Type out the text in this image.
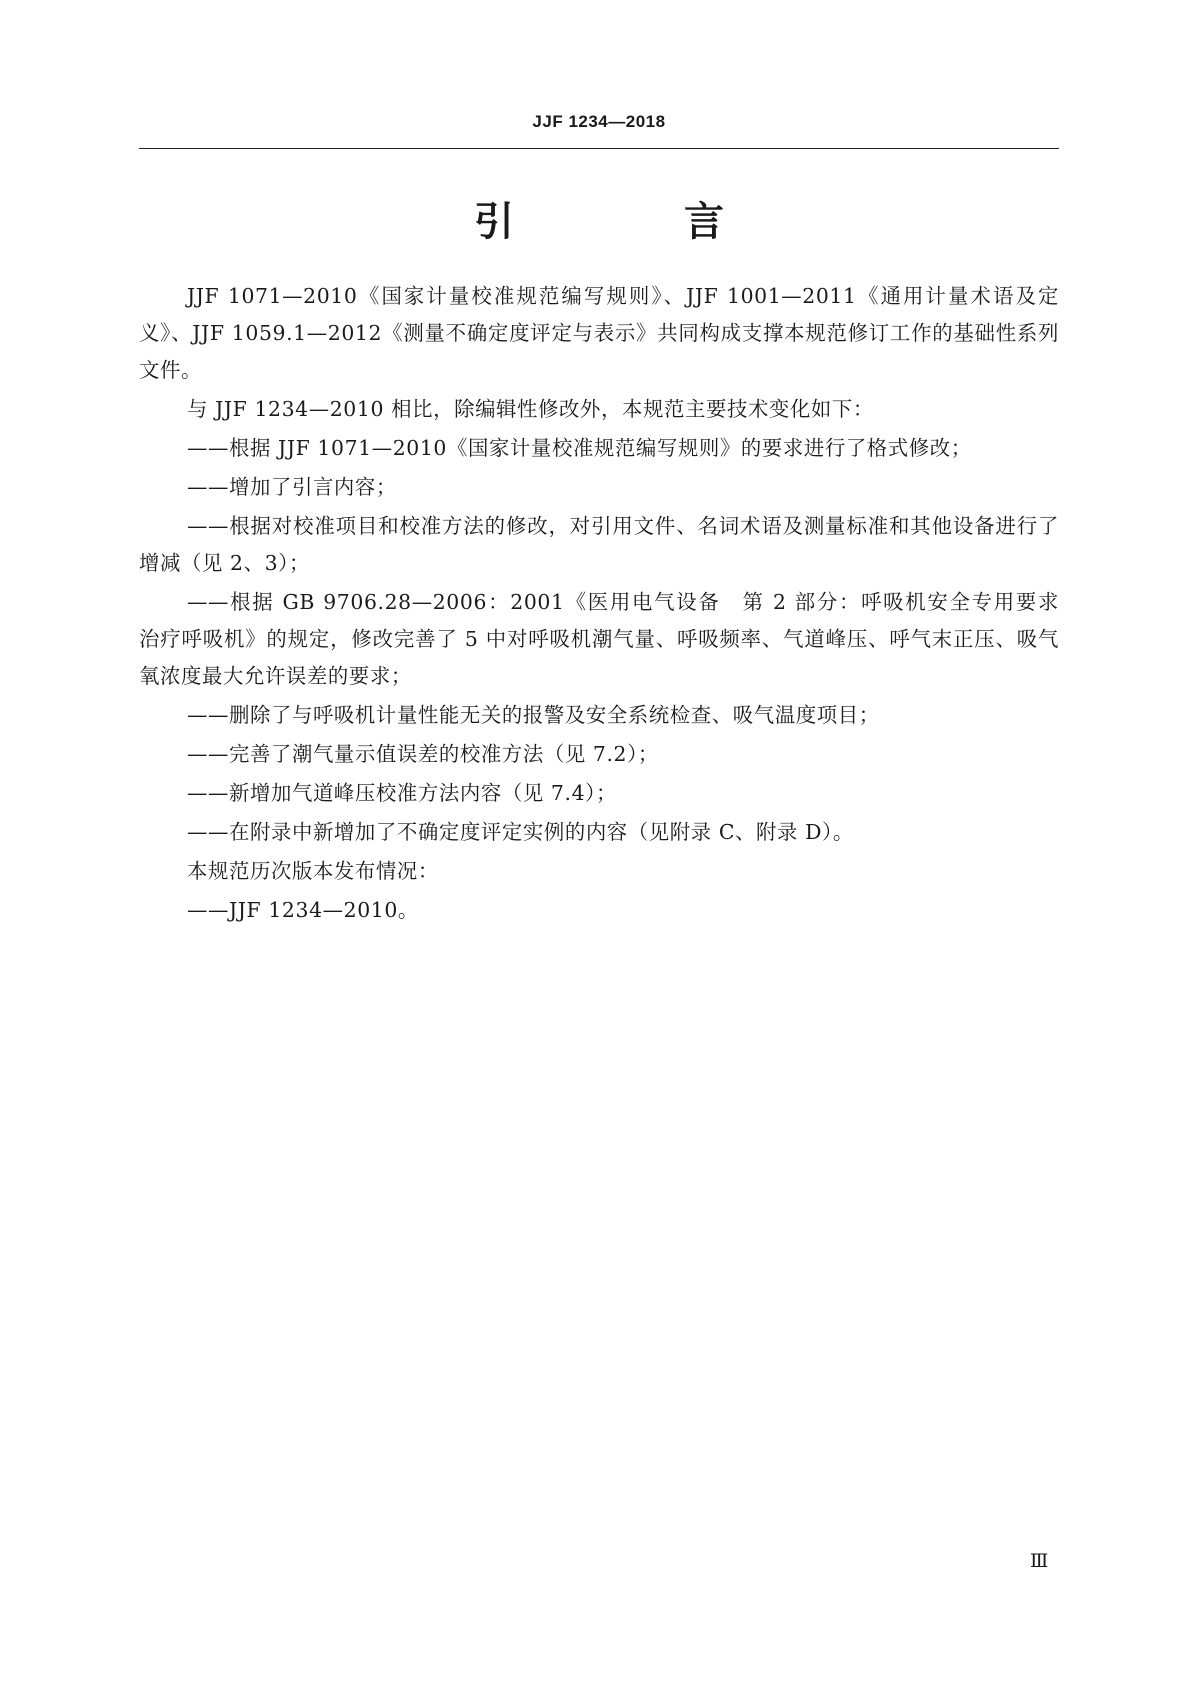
JJF 1234—2018
引 言

JJF 1071—2010《国家计量校准规范编写规则》、JJF 1001—2011《通用计量术语及定义》、JJF 1059.1—2012《测量不确定度评定与表示》共同构成支撑本规范修订工作的基础性系列文件。

与 JJF 1234—2010 相比，除编辑性修改外，本规范主要技术变化如下：

——根据 JJF 1071—2010《国家计量校准规范编写规则》的要求进行了格式修改；

——增加了引言内容；

——根据对校准项目和校准方法的修改，对引用文件、名词术语及测量标准和其他设备进行了增减（见 2、3）；

——根据 GB 9706.28—2006：2001《医用电气设备　第 2 部分：呼吸机安全专用要求　治疗呼吸机》的规定，修改完善了 5 中对呼吸机潮气量、呼吸频率、气道峰压、呼气末正压、吸气氧浓度最大允许误差的要求；

——删除了与呼吸机计量性能无关的报警及安全系统检查、吸气温度项目；

——完善了潮气量示值误差的校准方法（见 7.2）；

——新增加气道峰压校准方法内容（见 7.4）；

——在附录中新增加了不确定度评定实例的内容（见附录 C、附录 D）。

本规范历次版本发布情况：

——JJF 1234—2010。

Ⅲ
